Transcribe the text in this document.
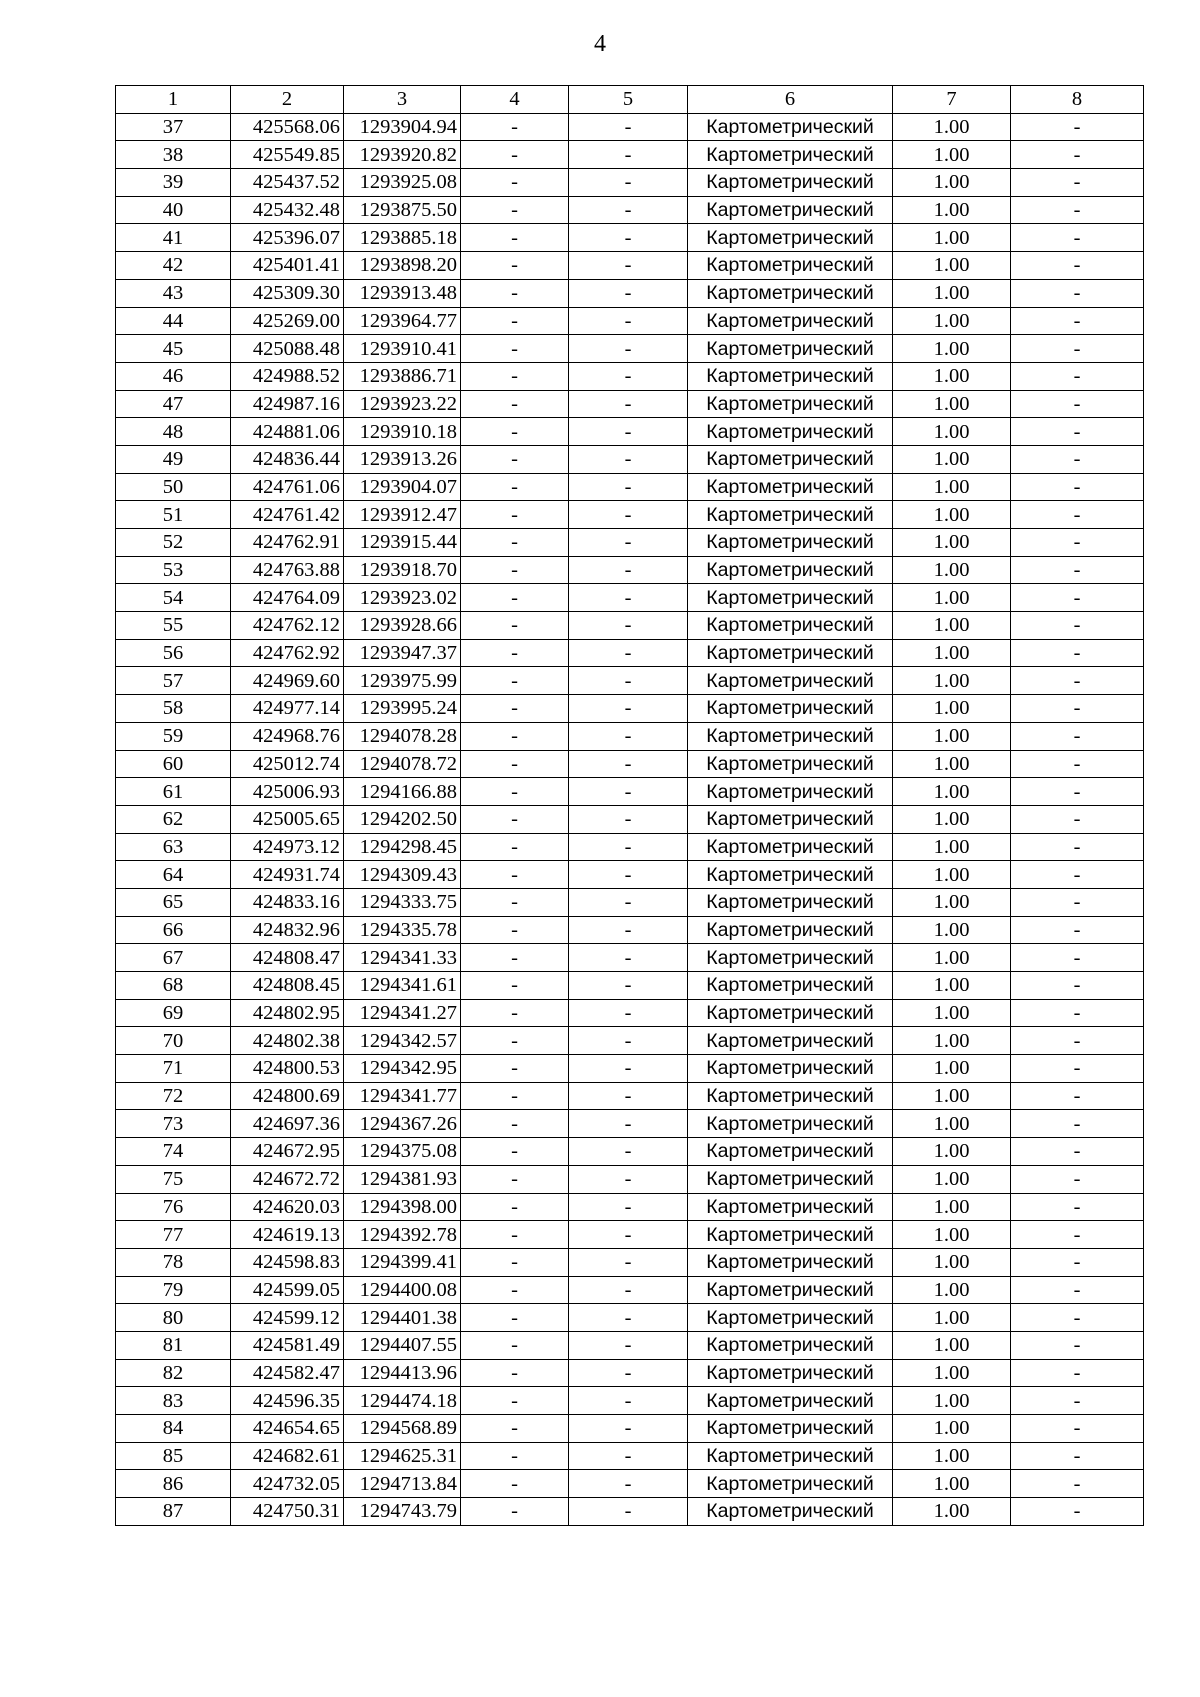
4
1	2	3	4	5	6	7	8
37	425568.06	1293904.94	-	-	Картометрический	1.00	-
38	425549.85	1293920.82	-	-	Картометрический	1.00	-
39	425437.52	1293925.08	-	-	Картометрический	1.00	-
40	425432.48	1293875.50	-	-	Картометрический	1.00	-
41	425396.07	1293885.18	-	-	Картометрический	1.00	-
42	425401.41	1293898.20	-	-	Картометрический	1.00	-
43	425309.30	1293913.48	-	-	Картометрический	1.00	-
44	425269.00	1293964.77	-	-	Картометрический	1.00	-
45	425088.48	1293910.41	-	-	Картометрический	1.00	-
46	424988.52	1293886.71	-	-	Картометрический	1.00	-
47	424987.16	1293923.22	-	-	Картометрический	1.00	-
48	424881.06	1293910.18	-	-	Картометрический	1.00	-
49	424836.44	1293913.26	-	-	Картометрический	1.00	-
50	424761.06	1293904.07	-	-	Картометрический	1.00	-
51	424761.42	1293912.47	-	-	Картометрический	1.00	-
52	424762.91	1293915.44	-	-	Картометрический	1.00	-
53	424763.88	1293918.70	-	-	Картометрический	1.00	-
54	424764.09	1293923.02	-	-	Картометрический	1.00	-
55	424762.12	1293928.66	-	-	Картометрический	1.00	-
56	424762.92	1293947.37	-	-	Картометрический	1.00	-
57	424969.60	1293975.99	-	-	Картометрический	1.00	-
58	424977.14	1293995.24	-	-	Картометрический	1.00	-
59	424968.76	1294078.28	-	-	Картометрический	1.00	-
60	425012.74	1294078.72	-	-	Картометрический	1.00	-
61	425006.93	1294166.88	-	-	Картометрический	1.00	-
62	425005.65	1294202.50	-	-	Картометрический	1.00	-
63	424973.12	1294298.45	-	-	Картометрический	1.00	-
64	424931.74	1294309.43	-	-	Картометрический	1.00	-
65	424833.16	1294333.75	-	-	Картометрический	1.00	-
66	424832.96	1294335.78	-	-	Картометрический	1.00	-
67	424808.47	1294341.33	-	-	Картометрический	1.00	-
68	424808.45	1294341.61	-	-	Картометрический	1.00	-
69	424802.95	1294341.27	-	-	Картометрический	1.00	-
70	424802.38	1294342.57	-	-	Картометрический	1.00	-
71	424800.53	1294342.95	-	-	Картометрический	1.00	-
72	424800.69	1294341.77	-	-	Картометрический	1.00	-
73	424697.36	1294367.26	-	-	Картометрический	1.00	-
74	424672.95	1294375.08	-	-	Картометрический	1.00	-
75	424672.72	1294381.93	-	-	Картометрический	1.00	-
76	424620.03	1294398.00	-	-	Картометрический	1.00	-
77	424619.13	1294392.78	-	-	Картометрический	1.00	-
78	424598.83	1294399.41	-	-	Картометрический	1.00	-
79	424599.05	1294400.08	-	-	Картометрический	1.00	-
80	424599.12	1294401.38	-	-	Картометрический	1.00	-
81	424581.49	1294407.55	-	-	Картометрический	1.00	-
82	424582.47	1294413.96	-	-	Картометрический	1.00	-
83	424596.35	1294474.18	-	-	Картометрический	1.00	-
84	424654.65	1294568.89	-	-	Картометрический	1.00	-
85	424682.61	1294625.31	-	-	Картометрический	1.00	-
86	424732.05	1294713.84	-	-	Картометрический	1.00	-
87	424750.31	1294743.79	-	-	Картометрический	1.00	-
